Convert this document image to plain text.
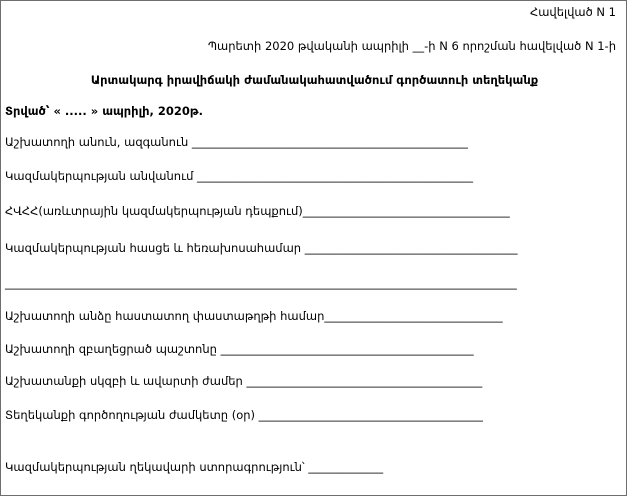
Հավելված N 1
Պարետի 2020 թվականի ապրիլի __-ի N 6 որոշման հավելված N 1-ի
Արտակարգ իրավիճակի ժամանակահատվածում գործատուի տեղեկանք
Տրված՝ « ..... » ապրիլի, 2020թ.
Աշխատողի անուն, ազգանուն ________________________________________________
Կազմակերպության անվանում ________________________________________________
ՀՎՀՀ(առևտրային կազմակերպության դեպքում)____________________________________
Կազմակերպության հասցե և հեռախոսահամար _____________________________________
_________________________________________________________________________________________
Աշխատողի անձը հաստատող փաստաթղթի համար_______________________________
Աշխատողի զբաղեցրած պաշտոնը ____________________________________________
Աշխատանքի սկզբի և ավարտի ժամեր _________________________________________
Տեղեկանքի գործողության ժամկետը (օր) _______________________________________
Կազմակերպության ղեկավարի ստորագրություն՝ _____________
